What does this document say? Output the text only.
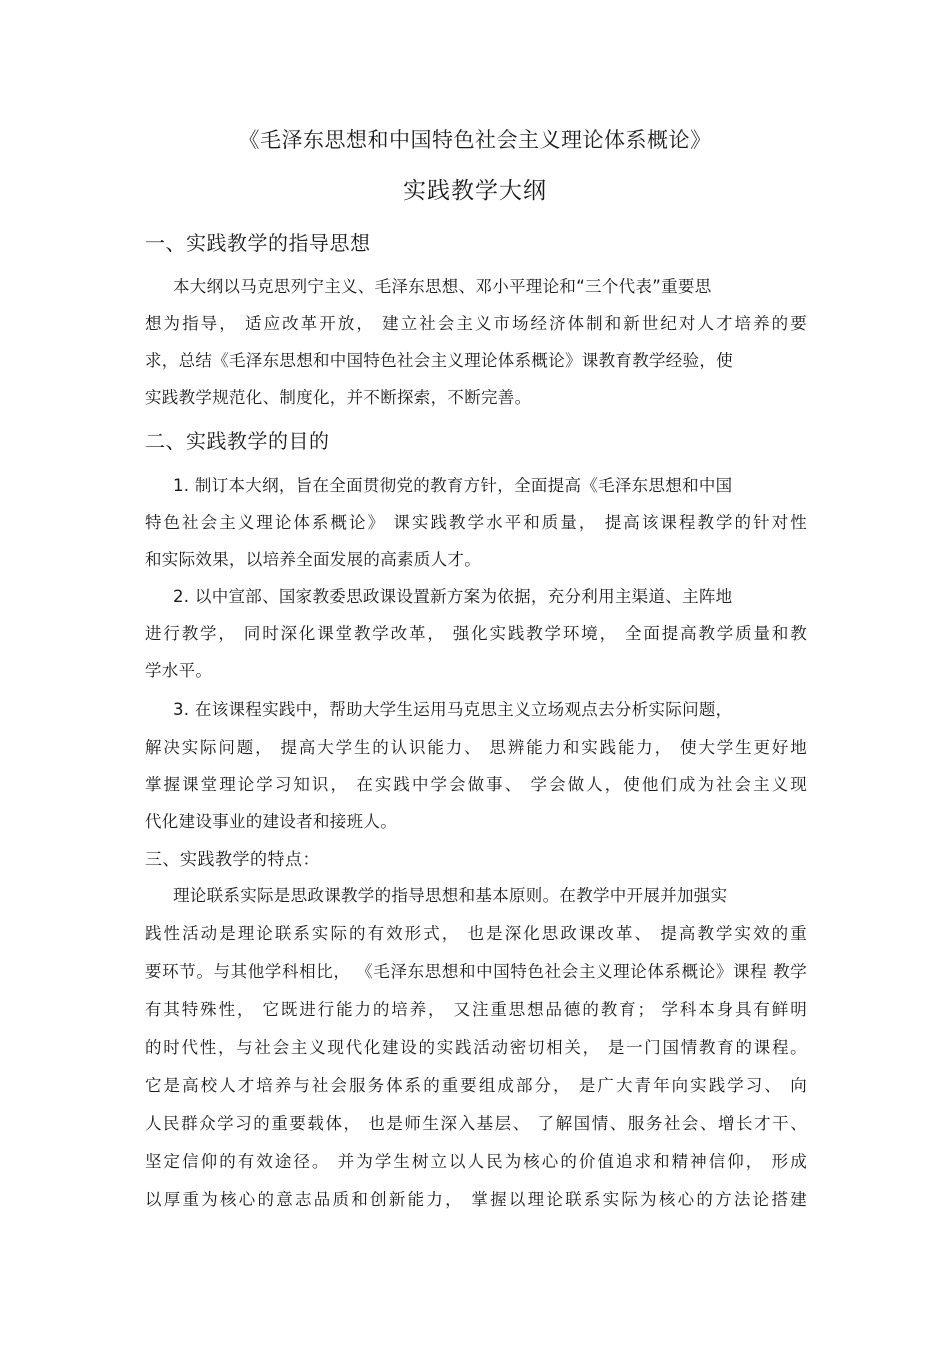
《毛泽东思想和中国特色社会主义理论体系概论》
实践教学大纲
一、实践教学的指导思想
本大纲以马克思列宁主义、毛泽东思想、邓小平理论和“三个代表”重要思
想为指导， 适应改革开放， 建立社会主义市场经济体制和新世纪对人才培养的要
求，总结《毛泽东思想和中国特色社会主义理论体系概论》课教育教学经验，使
实践教学规范化、制度化，并不断探索，不断完善。
二、实践教学的目的
1. 制订本大纲，旨在全面贯彻党的教育方针，全面提高《毛泽东思想和中国
特色社会主义理论体系概论》 课实践教学水平和质量， 提高该课程教学的针对性
和实际效果，以培养全面发展的高素质人才。
2. 以中宣部、国家教委思政课设置新方案为依据，充分利用主渠道、主阵地
进行教学， 同时深化课堂教学改革， 强化实践教学环境， 全面提高教学质量和教
学水平。
3. 在该课程实践中，帮助大学生运用马克思主义立场观点去分析实际问题，
解决实际问题， 提高大学生的认识能力、 思辨能力和实践能力， 使大学生更好地
掌握课堂理论学习知识， 在实践中学会做事、 学会做人，使他们成为社会主义现
代化建设事业的建设者和接班人。
三、实践教学的特点：
理论联系实际是思政课教学的指导思想和基本原则。在教学中开展并加强实
践性活动是理论联系实际的有效形式， 也是深化思政课改革、 提高教学实效的重
要环节。与其他学科相比， 《毛泽东思想和中国特色社会主义理论体系概论》课程 教学
有其特殊性， 它既进行能力的培养， 又注重思想品德的教育； 学科本身具有鲜明
的时代性，与社会主义现代化建设的实践活动密切相关， 是一门国情教育的课程。
它是高校人才培养与社会服务体系的重要组成部分， 是广大青年向实践学习、 向
人民群众学习的重要载体， 也是师生深入基层、 了解国情、服务社会、增长才干、
坚定信仰的有效途径。 并为学生树立以人民为核心的价值追求和精神信仰， 形成
以厚重为核心的意志品质和创新能力， 掌握以理论联系实际为核心的方法论搭建
